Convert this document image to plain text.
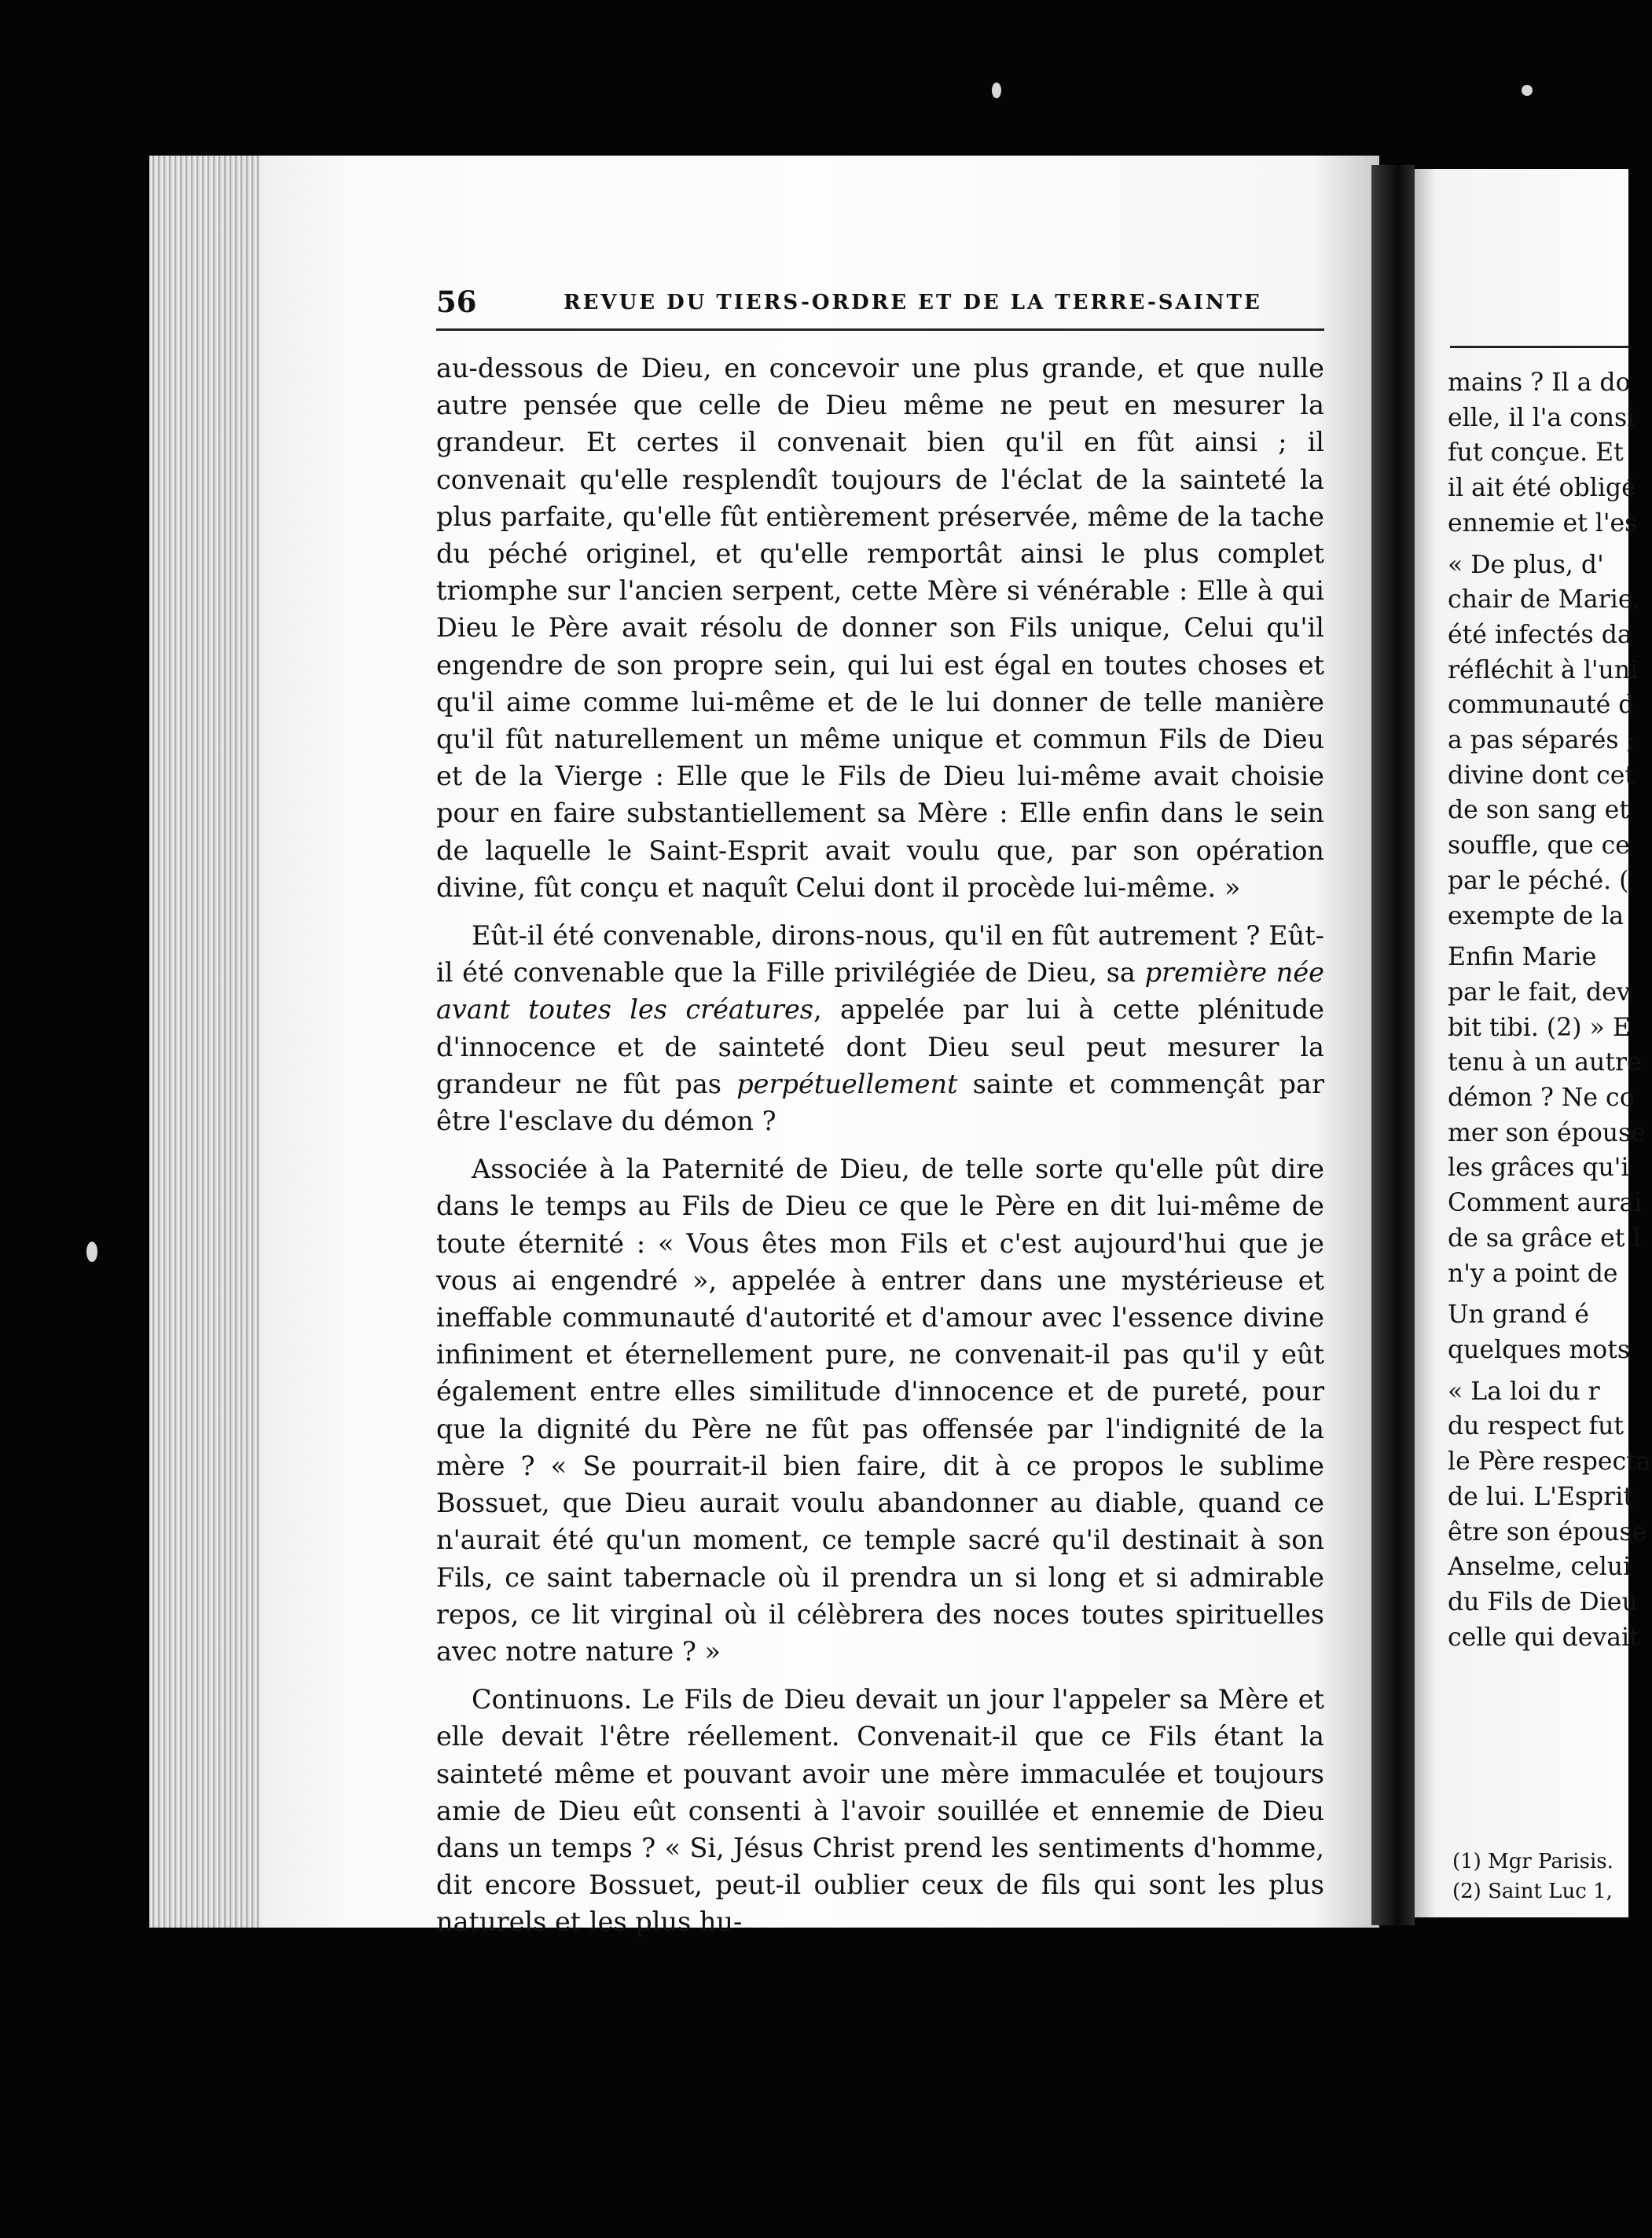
56	REVUE DU TIERS-ORDRE ET DE LA TERRE-SAINTE

au-dessous de Dieu, en concevoir une plus grande, et que nulle autre pensée que celle de Dieu même ne peut en mesurer la grandeur. Et certes il convenait bien qu'il en fût ainsi ; il convenait qu'elle resplendît toujours de l'éclat de la sainteté la plus parfaite, qu'elle fût entièrement préservée, même de la tache du péché originel, et qu'elle remportât ainsi le plus complet triomphe sur l'ancien serpent, cette Mère si vénérable : Elle à qui Dieu le Père avait résolu de donner son Fils unique, Celui qu'il engendre de son propre sein, qui lui est égal en toutes choses et qu'il aime comme lui-même et de le lui donner de telle manière qu'il fût naturellement un même unique et commun Fils de Dieu et de la Vierge : Elle que le Fils de Dieu lui-même avait choisie pour en faire substantiellement sa Mère : Elle enfin dans le sein de laquelle le Saint-Esprit avait voulu que, par son opération divine, fût conçu et naquît Celui dont il procède lui-même. »

Eût-il été convenable, dirons-nous, qu'il en fût autrement ? Eût-il été convenable que la Fille privilégiée de Dieu, sa première née avant toutes les créatures, appelée par lui à cette plénitude d'innocence et de sainteté dont Dieu seul peut mesurer la grandeur ne fût pas perpétuellement sainte et commençât par être l'esclave du démon ?

Associée à la Paternité de Dieu, de telle sorte qu'elle pût dire dans le temps au Fils de Dieu ce que le Père en dit lui-même de toute éternité : « Vous êtes mon Fils et c'est aujourd'hui que je vous ai engendré », appelée à entrer dans une mystérieuse et ineffable communauté d'autorité et d'amour avec l'essence divine infiniment et éternellement pure, ne convenait-il pas qu'il y eût également entre elles similitude d'innocence et de pureté, pour que la dignité du Père ne fût pas offensée par l'indignité de la mère ? « Se pourrait-il bien faire, dit à ce propos le sublime Bossuet, que Dieu aurait voulu abandonner au diable, quand ce n'aurait été qu'un moment, ce temple sacré qu'il destinait à son Fils, ce saint tabernacle où il prendra un si long et si admirable repos, ce lit virginal où il célèbrera des noces toutes spirituelles avec notre nature ? »

Continuons. Le Fils de Dieu devait un jour l'appeler sa Mère et elle devait l'être réellement. Convenait-il que ce Fils étant la sainteté même et pouvant avoir une mère immaculée et toujours amie de Dieu eût consenti à l'avoir souillée et ennemie de Dieu dans un temps ? « Si, Jésus Christ prend les sentiments d'homme, dit encore Bossuet, peut-il oublier ceux de fils qui sont les plus naturels et les plus hu-

mains ? Il a do
elle, il l'a consi
fut conçue. Et
il ait été obligé
ennemie et l'es
« De plus, d'
chair de Marie.
été infectés da
réfléchit à l'uni
communauté d
a pas séparés ;
divine dont cet
de son sang et
souffle, que ce
par le péché. (
exempte de la
Enfin Marie
par le fait, dev
bit tibi. (2) » E
tenu à un autre
démon ? Ne co
mer son épouse
les grâces qu'i
Comment aurai
de sa grâce et l
n'y a point de
Un grand é
quelques mots
« La loi du r
du respect fut
le Père respecta
de lui. L'Esprit
être son épouse
Anselme, celui
du Fils de Dieu
celle qui devait
(1) Mgr Parisis.
(2) Saint Luc 1,
